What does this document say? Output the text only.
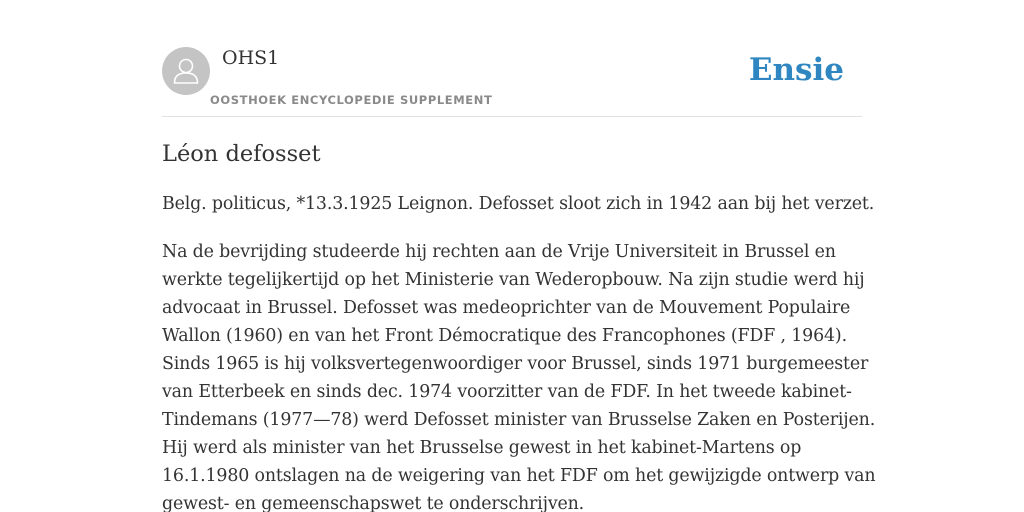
OHS1
OOSTHOEK ENCYCLOPEDIE SUPPLEMENT
Ensie
Léon defosset

Belg. politicus, *13.3.1925 Leignon. Defosset sloot zich in 1942 aan bij het verzet.

Na de bevrijding studeerde hij rechten aan de Vrije Universiteit in Brussel en
werkte tegelijkertijd op het Ministerie van Wederopbouw. Na zijn studie werd hij
advocaat in Brussel. Defosset was medeoprichter van de Mouvement Populaire
Wallon (1960) en van het Front Démocratique des Francophones (FDF , 1964).
Sinds 1965 is hij volksvertegenwoordiger voor Brussel, sinds 1971 burgemeester
van Etterbeek en sinds dec. 1974 voorzitter van de FDF. In het tweede kabinet-
Tindemans (1977—78) werd Defosset minister van Brusselse Zaken en Posterijen.
Hij werd als minister van het Brusselse gewest in het kabinet-Martens op
16.1.1980 ontslagen na de weigering van het FDF om het gewijzigde ontwerp van
gewest- en gemeenschapswet te onderschrijven.
